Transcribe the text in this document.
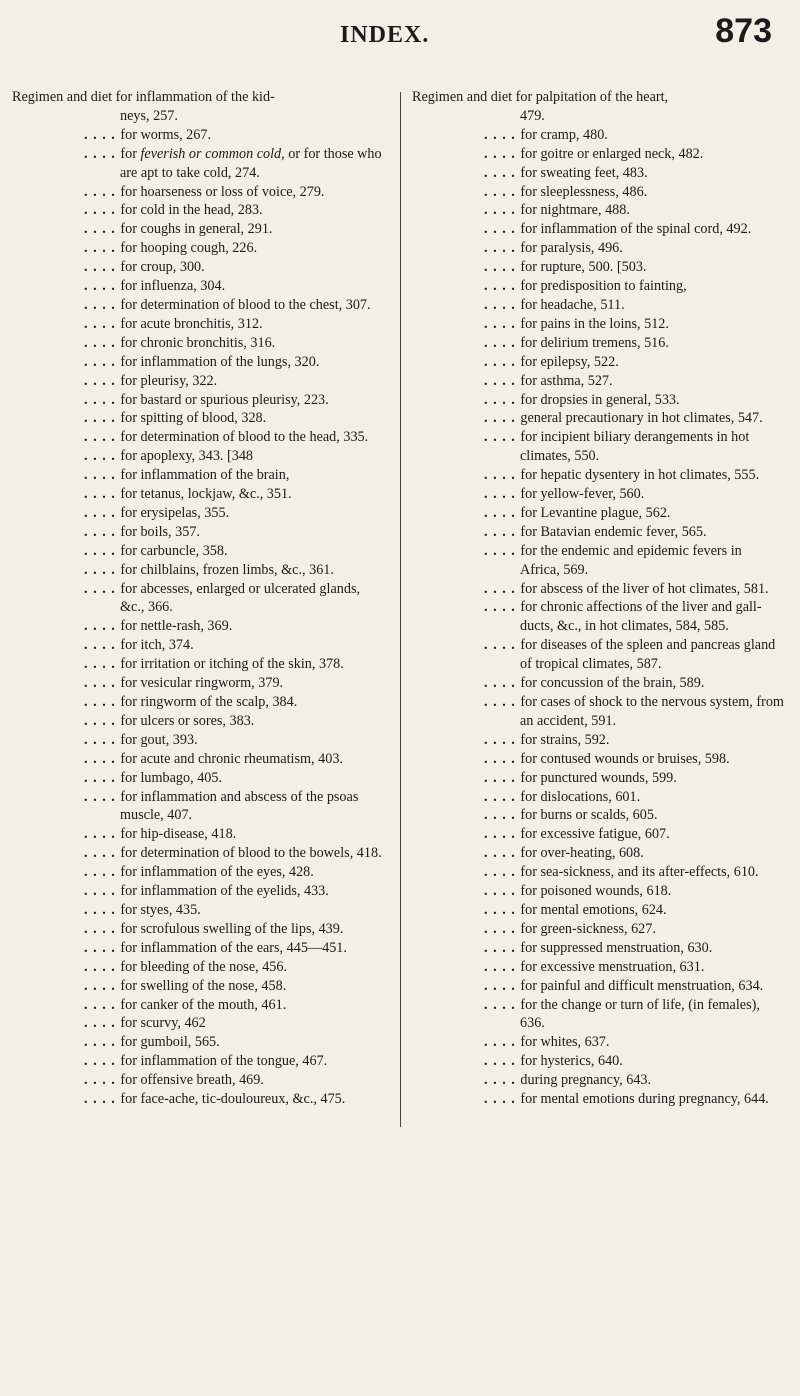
INDEX.	873
Regimen and diet for inflammation of the kid-
neys, 257.
. . . . for worms, 267.
. . . . for feverish or common cold, or for those who are apt to take cold, 274.
. . . . for hoarseness or loss of voice, 279.
. . . . for cold in the head, 283.
. . . . for coughs in general, 291.
. . . . for hooping cough, 226.
. . . . for croup, 300.
. . . . for influenza, 304.
. . . . for determination of blood to the chest, 307.
. . . . for acute bronchitis, 312.
. . . . for chronic bronchitis, 316.
. . . . for inflammation of the lungs, 320.
. . . . for pleurisy, 322.
. . . . for bastard or spurious pleurisy, 223.
. . . . for spitting of blood, 328.
. . . . for determination of blood to the head, 335.
. . . . for apoplexy, 343. [348
. . . . for inflammation of the brain,
. . . . for tetanus, lockjaw, &c., 351.
. . . . for erysipelas, 355.
. . . . for boils, 357.
. . . . for carbuncle, 358.
. . . . for chilblains, frozen limbs, &c., 361.
. . . . for abcesses, enlarged or ulcerated glands, &c., 366.
. . . . for nettle-rash, 369.
. . . . for itch, 374.
. . . . for irritation or itching of the skin, 378.
. . . . for vesicular ringworm, 379.
. . . . for ringworm of the scalp, 384.
. . . . for ulcers or sores, 383.
. . . . for gout, 393.
. . . . for acute and chronic rheumatism, 403.
. . . . for lumbago, 405.
. . . . for inflammation and abscess of the psoas muscle, 407.
. . . . for hip-disease, 418.
. . . . for determination of blood to the bowels, 418.
. . . . for inflammation of the eyes, 428.
. . . . for inflammation of the eyelids, 433.
. . . . for styes, 435.
. . . . for scrofulous swelling of the lips, 439.
. . . . for inflammation of the ears, 445—451.
. . . . for bleeding of the nose, 456.
. . . . for swelling of the nose, 458.
. . . . for canker of the mouth, 461.
. . . . for scurvy, 462
. . . . for gumboil, 565.
. . . . for inflammation of the tongue, 467.
. . . . for offensive breath, 469.
. . . . for face-ache, tic-douloureux, &c., 475.
Regimen and diet for palpitation of the heart,
479.
. . . . for cramp, 480.
. . . . for goitre or enlarged neck, 482.
. . . . for sweating feet, 483.
. . . . for sleeplessness, 486.
. . . . for nightmare, 488.
. . . . for inflammation of the spinal cord, 492.
. . . . for paralysis, 496.
. . . . for rupture, 500. [503.
. . . . for predisposition to fainting,
. . . . for headache, 511.
. . . . for pains in the loins, 512.
. . . . for delirium tremens, 516.
. . . . for epilepsy, 522.
. . . . for asthma, 527.
. . . . for dropsies in general, 533.
. . . . general precautionary in hot climates, 547.
. . . . for incipient biliary derangements in hot climates, 550.
. . . . for hepatic dysentery in hot climates, 555.
. . . . for yellow-fever, 560.
. . . . for Levantine plague, 562.
. . . . for Batavian endemic fever, 565.
. . . . for the endemic and epidemic fevers in Africa, 569.
. . . . for abscess of the liver of hot climates, 581.
. . . . for chronic affections of the liver and gall-ducts, &c., in hot climates, 584, 585.
. . . . for diseases of the spleen and pancreas gland of tropical climates, 587.
. . . . for concussion of the brain, 589.
. . . . for cases of shock to the nervous system, from an accident, 591.
. . . . for strains, 592.
. . . . for contused wounds or bruises, 598.
. . . . for punctured wounds, 599.
. . . . for dislocations, 601.
. . . . for burns or scalds, 605.
. . . . for excessive fatigue, 607.
. . . . for over-heating, 608.
. . . . for sea-sickness, and its after-effects, 610.
. . . . for poisoned wounds, 618.
. . . . for mental emotions, 624.
. . . . for green-sickness, 627.
. . . . for suppressed menstruation, 630.
. . . . for excessive menstruation, 631.
. . . . for painful and difficult menstruation, 634.
. . . . for the change or turn of life, (in females), 636.
. . . . for whites, 637.
. . . . for hysterics, 640.
. . . . during pregnancy, 643.
. . . . for mental emotions during pregnancy, 644.
